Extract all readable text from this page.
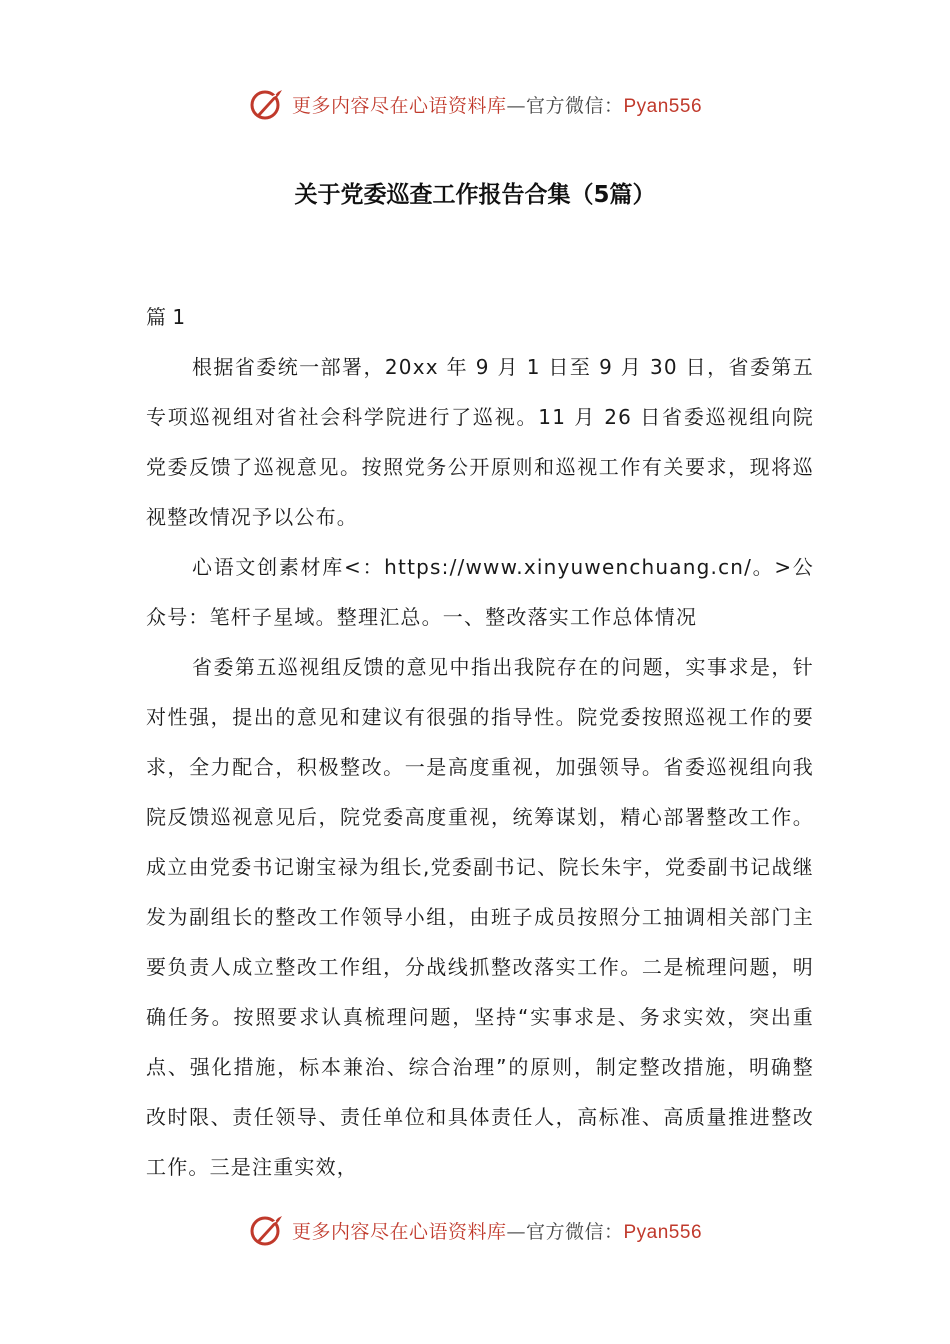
更多内容尽在心语资料库—官方微信：Pyan556
关于党委巡查工作报告合集（5篇）

篇 1

根据省委统一部署，20xx 年 9 月 1 日至 9 月 30 日，省委第五专项巡视组对省社会科学院进行了巡视。11 月 26 日省委巡视组向院党委反馈了巡视意见。按照党务公开原则和巡视工作有关要求，现将巡视整改情况予以公布。

心语文创素材库<：https://www.xinyuwenchuang.cn/。>公众号：笔杆子星域。整理汇总。一、整改落实工作总体情况

省委第五巡视组反馈的意见中指出我院存在的问题，实事求是，针对性强，提出的意见和建议有很强的指导性。院党委按照巡视工作的要求，全力配合，积极整改。一是高度重视，加强领导。省委巡视组向我院反馈巡视意见后，院党委高度重视，统筹谋划，精心部署整改工作。成立由党委书记谢宝禄为组长,党委副书记、院长朱宇，党委副书记战继发为副组长的整改工作领导小组，由班子成员按照分工抽调相关部门主要负责人成立整改工作组，分战线抓整改落实工作。二是梳理问题，明确任务。按照要求认真梳理问题，坚持“实事求是、务求实效，突出重点、强化措施，标本兼治、综合治理”的原则，制定整改措施，明确整改时限、责任领导、责任单位和具体责任人，高标准、高质量推进整改工作。三是注重实效，

更多内容尽在心语资料库—官方微信：Pyan556
